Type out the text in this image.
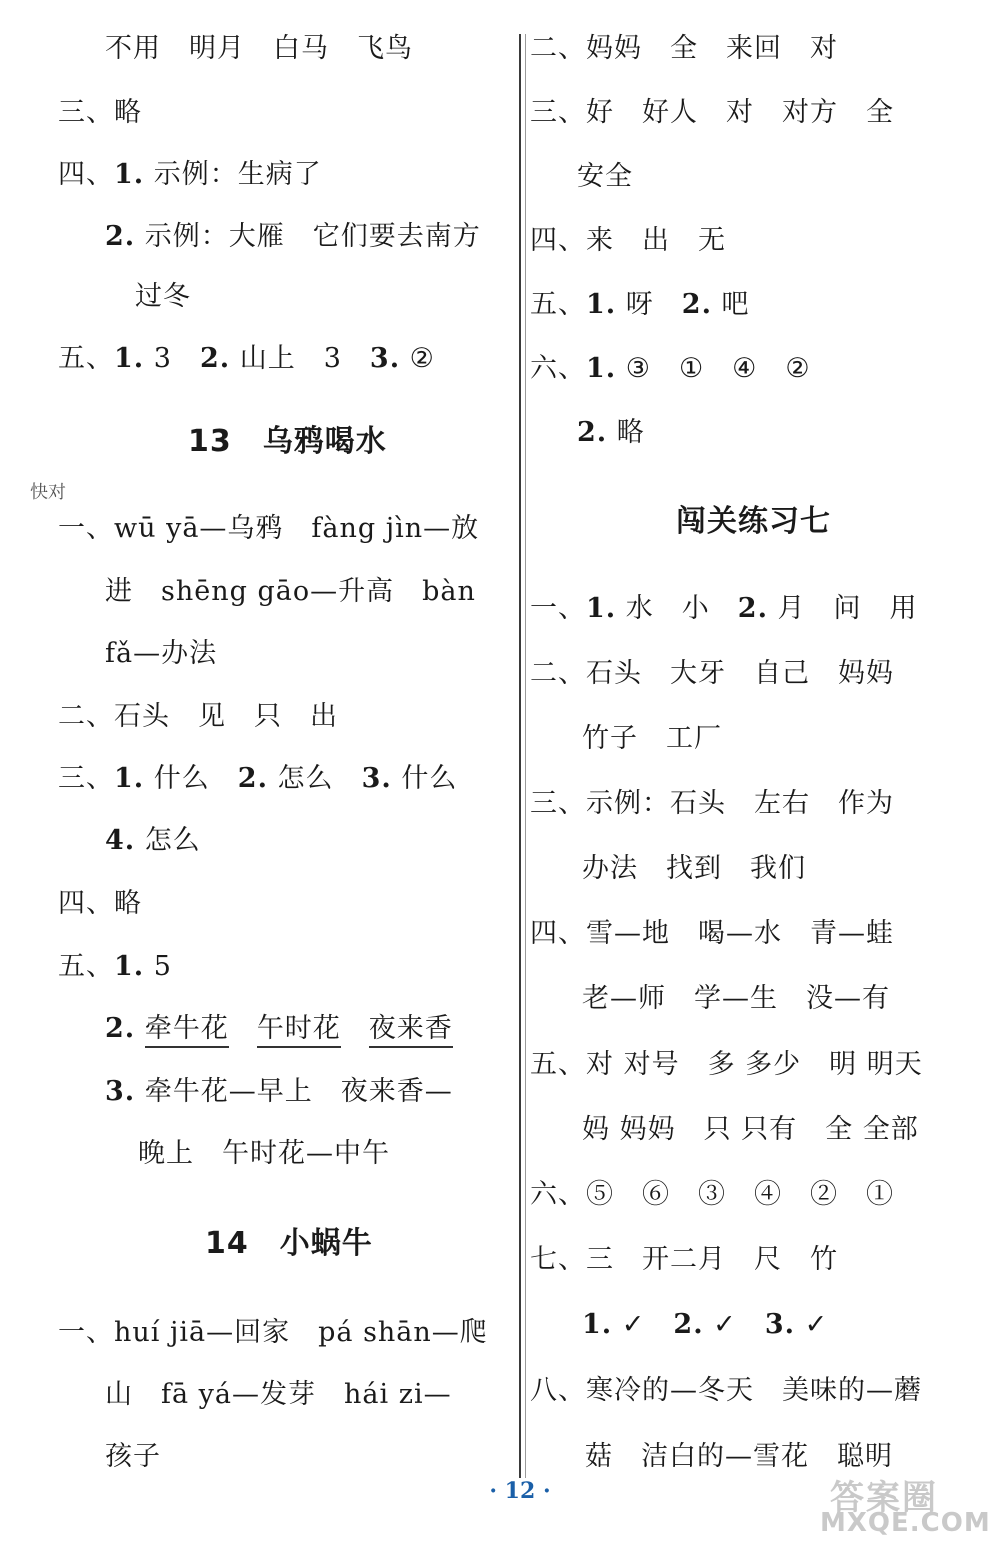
不用　明月　白马　飞鸟
三、略
四、1. 示例：生病了
2. 示例：大雁　它们要去南方
过冬
五、1. 3　2. 山上　3　3. ②
13　乌鸦喝水
快对
一、wū yā—乌鸦　fàng jìn—放
进　shēng gāo—升高　bàn
fǎ—办法
二、石头　见　只　出
三、1. 什么　2. 怎么　3. 什么
4. 怎么
四、略
五、1. 5
2. 牵牛花　 午时花　 夜来香
3. 牵牛花—早上　夜来香—
晚上　午时花—中午
14　小蜗牛
一、huí jiā—回家　pá shān—爬
山　fā yá—发芽　hái zi—
孩子
二、妈妈　全　来回　对
三、好　好人　对　对方　全
安全
四、来　出　无
五、1. 呀　2. 吧
六、1. ③　①　④　②
2. 略
闯关练习七
一、1. 水　小　2. 月　问　用
二、石头　大牙　自己　妈妈
竹子　工厂
三、示例：石头　左右　作为
办法　找到　我们
四、雪—地　喝—水　青—蛙
老—师　学—生　没—有
五、对 对号　多 多少　明 明天
妈 妈妈　只 只有　全 全部
六、⑤　⑥　③　④　②　①
七、三　开二月　尺　竹
1. ✓　2. ✓　3. ✓
八、寒冷的—冬天　美味的—蘑
菇　洁白的—雪花　聪明
· 12 ·	答案圈
MXQE.COM
